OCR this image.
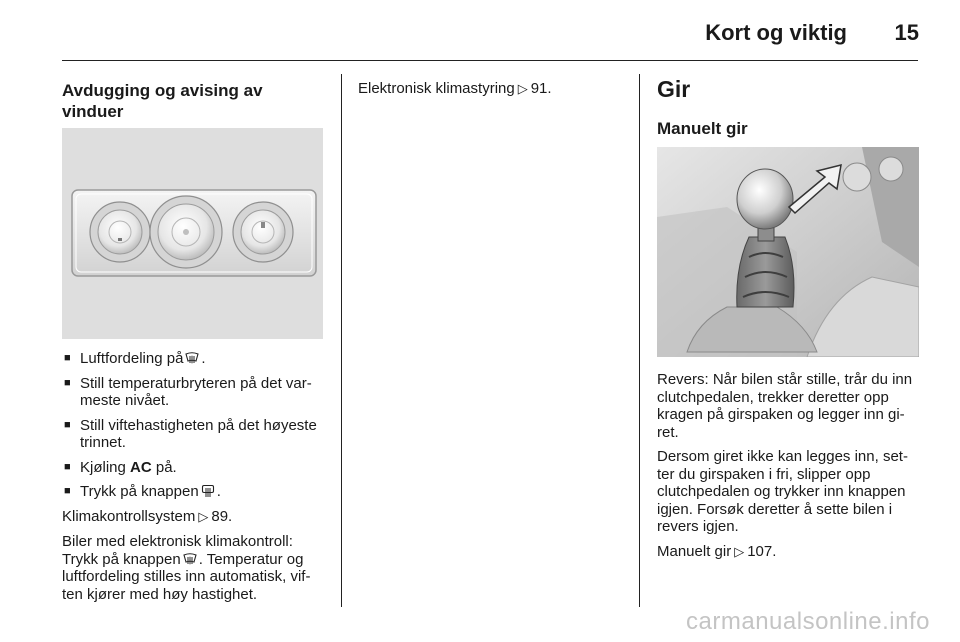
Kort og viktig 15
Avdugging og avising av vinduer
■ Luftfordeling på .
■ Still temperaturbryteren på det var-meste nivået.
■ Still viftehastigheten på det høyeste trinnet.
■ Kjøling AC på.
■ Trykk på knappen .

Klimakontrollsystem ▷ 89.

Biler med elektronisk klimakontroll: Trykk på knappen . Temperatur og luftfordeling stilles inn automatisk, vif-ten kjører med høy hastighet.

Elektronisk klimastyring ▷ 91.	Gir
Manuelt gir

Revers: Når bilen står stille, trår du inn clutchpedalen, trekker deretter opp kragen på girspaken og legger inn gi-ret.

Dersom giret ikke kan legges inn, set-ter du girspaken i fri, slipper opp clutchpedalen og trykker inn knappen igjen. Forsøk deretter å sette bilen i revers igjen.

Manuelt gir ▷ 107.

carmanualsonline.info
